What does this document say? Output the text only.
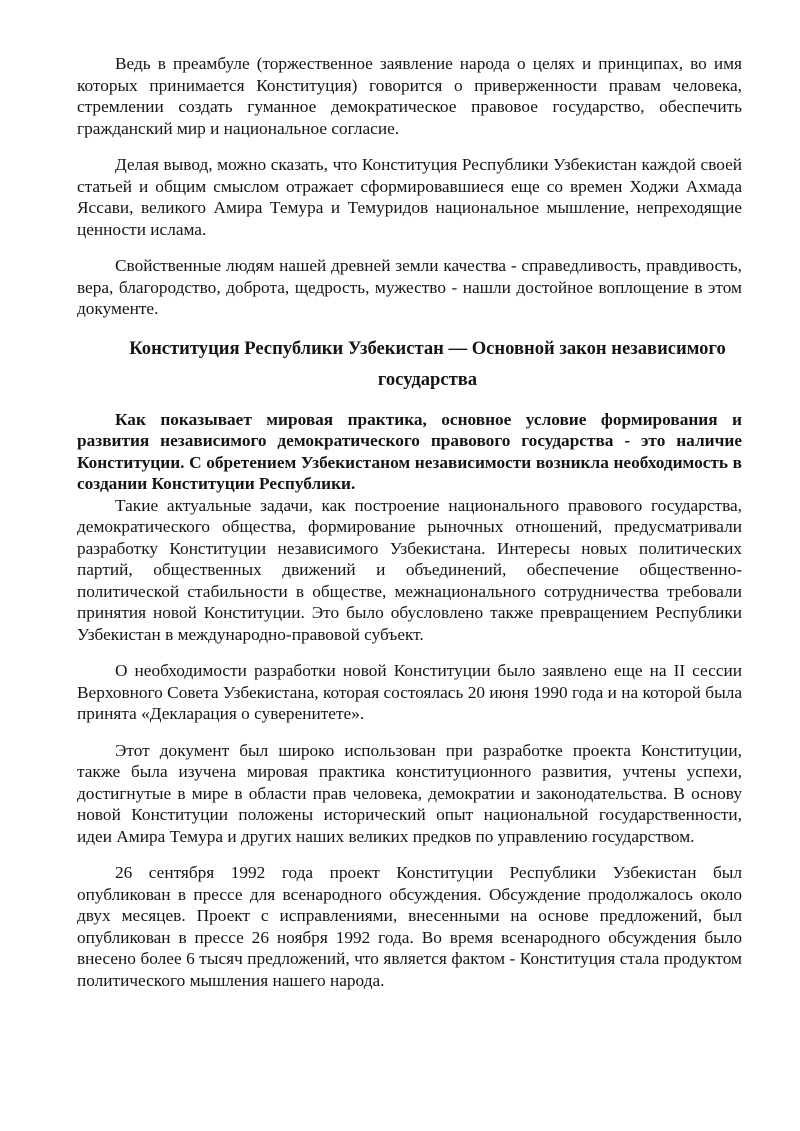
Ведь в преамбуле (торжественное заявление народа о целях и принципах, во имя которых принимается Конституция) говорится о приверженности правам человека, стремлении создать гуманное демократическое правовое государство, обеспечить гражданский мир и национальное согласие.

Делая вывод, можно сказать, что Конституция Республики Узбекистан каждой своей статьей и общим смыслом отражает сформировавшиеся еще со времен Ходжи Ахмада Яссави, великого Амира Темура и Темуридов национальное мышление, непреходящие ценности ислама.

Свойственные людям нашей древней земли качества - справедливость, правдивость, вера, благородство, доброта, щедрость, мужество - нашли достойное воплощение в этом документе.

Конституция Республики Узбекистан — Основной закон независимого государства

Как показывает мировая практика, основное условие формирования и развития независимого демократического правового государства - это наличие Конституции. С обретением Узбекистаном независимости возникла необходимость в создании Конституции Республики.

Такие актуальные задачи, как построение национального правового государства, демократического общества, формирование рыночных отношений, предусматривали разработку Конституции независимого Узбекистана. Интересы новых политических партий, общественных движений и объединений, обеспечение общественно-политической стабильности в обществе, межнационального сотрудничества требовали принятия новой Конституции. Это было обусловлено также превращением Республики Узбекистан в международно-правовой субъект.

О необходимости разработки новой Конституции было заявлено еще на II сессии Верховного Совета Узбекистана, которая состоялась 20 июня 1990 года и на которой была принята «Декларация о суверенитете».

Этот документ был широко использован при разработке проекта Конституции, также была изучена мировая практика конституционного развития, учтены успехи, достигнутые в мире в области прав человека, демократии и законодательства. В основу новой Конституции положены исторический опыт национальной государственности, идеи Амира Темура и других наших великих предков по управлению государством.

26 сентября 1992 года проект Конституции Республики Узбекистан был опубликован в прессе для всенародного обсуждения. Обсуждение продолжалось около двух месяцев. Проект с исправлениями, внесенными на основе предложений, был опубликован в прессе 26 ноября 1992 года. Во время всенародного обсуждения было внесено более 6 тысяч предложений, что является фактом - Конституция стала продуктом политического мышления нашего народа.
